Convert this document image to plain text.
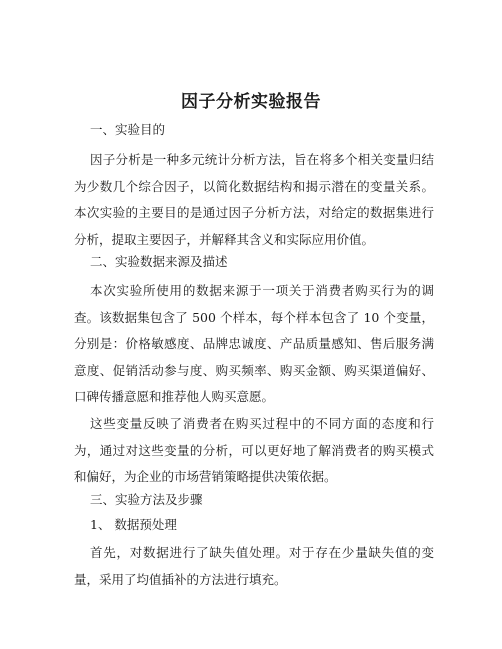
因子分析实验报告
一、实验目的
因子分析是一种多元统计分析方法，旨在将多个相关变量归结为少数几个综合因子，以简化数据结构和揭示潜在的变量关系。本次实验的主要目的是通过因子分析方法，对给定的数据集进行分析，提取主要因子，并解释其含义和实际应用价值。
二、实验数据来源及描述
本次实验所使用的数据来源于一项关于消费者购买行为的调查。该数据集包含了 500 个样本，每个样本包含了 10 个变量，分别是：价格敏感度、品牌忠诚度、产品质量感知、售后服务满意度、促销活动参与度、购买频率、购买金额、购买渠道偏好、口碑传播意愿和推荐他人购买意愿。
这些变量反映了消费者在购买过程中的不同方面的态度和行为，通过对这些变量的分析，可以更好地了解消费者的购买模式和偏好，为企业的市场营销策略提供决策依据。
三、实验方法及步骤
1、 数据预处理
首先，对数据进行了缺失值处理。对于存在少量缺失值的变量，采用了均值插补的方法进行填充。
